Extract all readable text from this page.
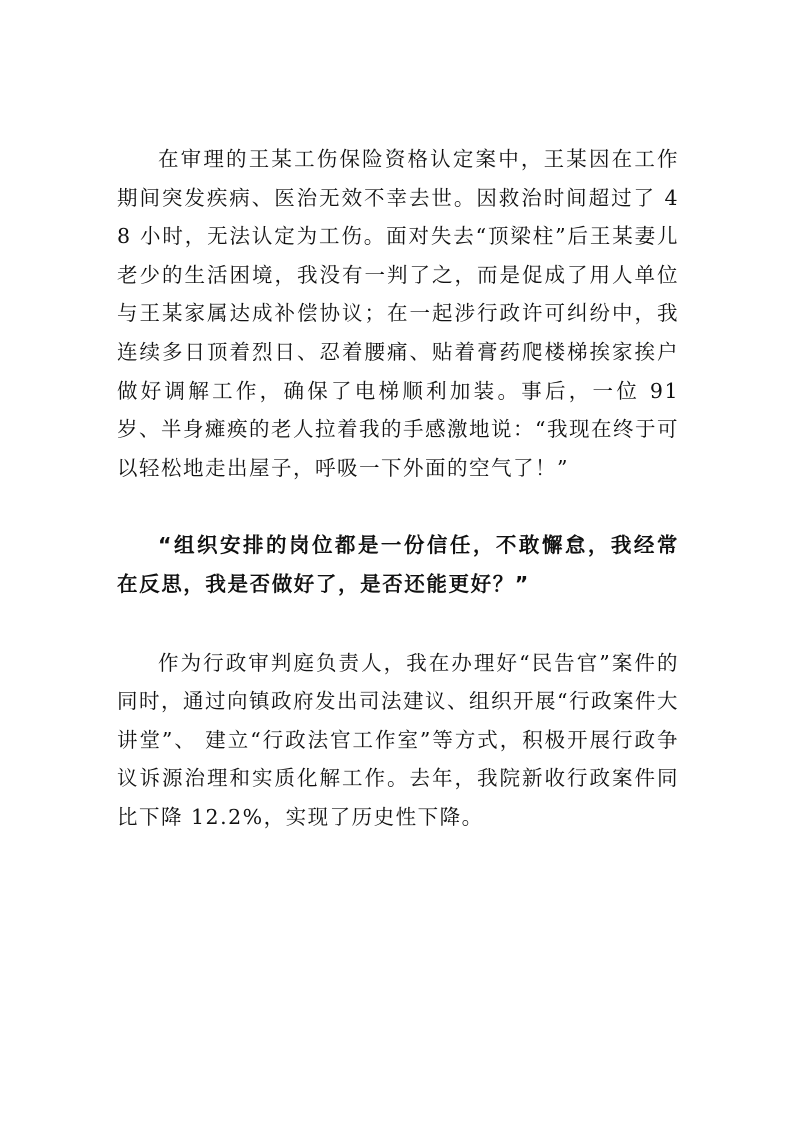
在审理的王某工伤保险资格认定案中，王某因在工作期间突发疾病、医治无效不幸去世。因救治时间超过了 48 小时，无法认定为工伤。面对失去“顶梁柱”后王某妻儿老少的生活困境，我没有一判了之，而是促成了用人单位与王某家属达成补偿协议；在一起涉行政许可纠纷中，我连续多日顶着烈日、忍着腰痛、贴着膏药爬楼梯挨家挨户做好调解工作，确保了电梯顺利加装。事后，一位 91 岁、半身瘫痪的老人拉着我的手感激地说：“我现在终于可以轻松地走出屋子，呼吸一下外面的空气了！”

“组织安排的岗位都是一份信任，不敢懈怠，我经常在反思，我是否做好了，是否还能更好？”

作为行政审判庭负责人，我在办理好“民告官”案件的同时，通过向镇政府发出司法建议、组织开展“行政案件大讲堂”、 建立“行政法官工作室”等方式，积极开展行政争议诉源治理和实质化解工作。去年，我院新收行政案件同比下降 12.2%，实现了历史性下降。
